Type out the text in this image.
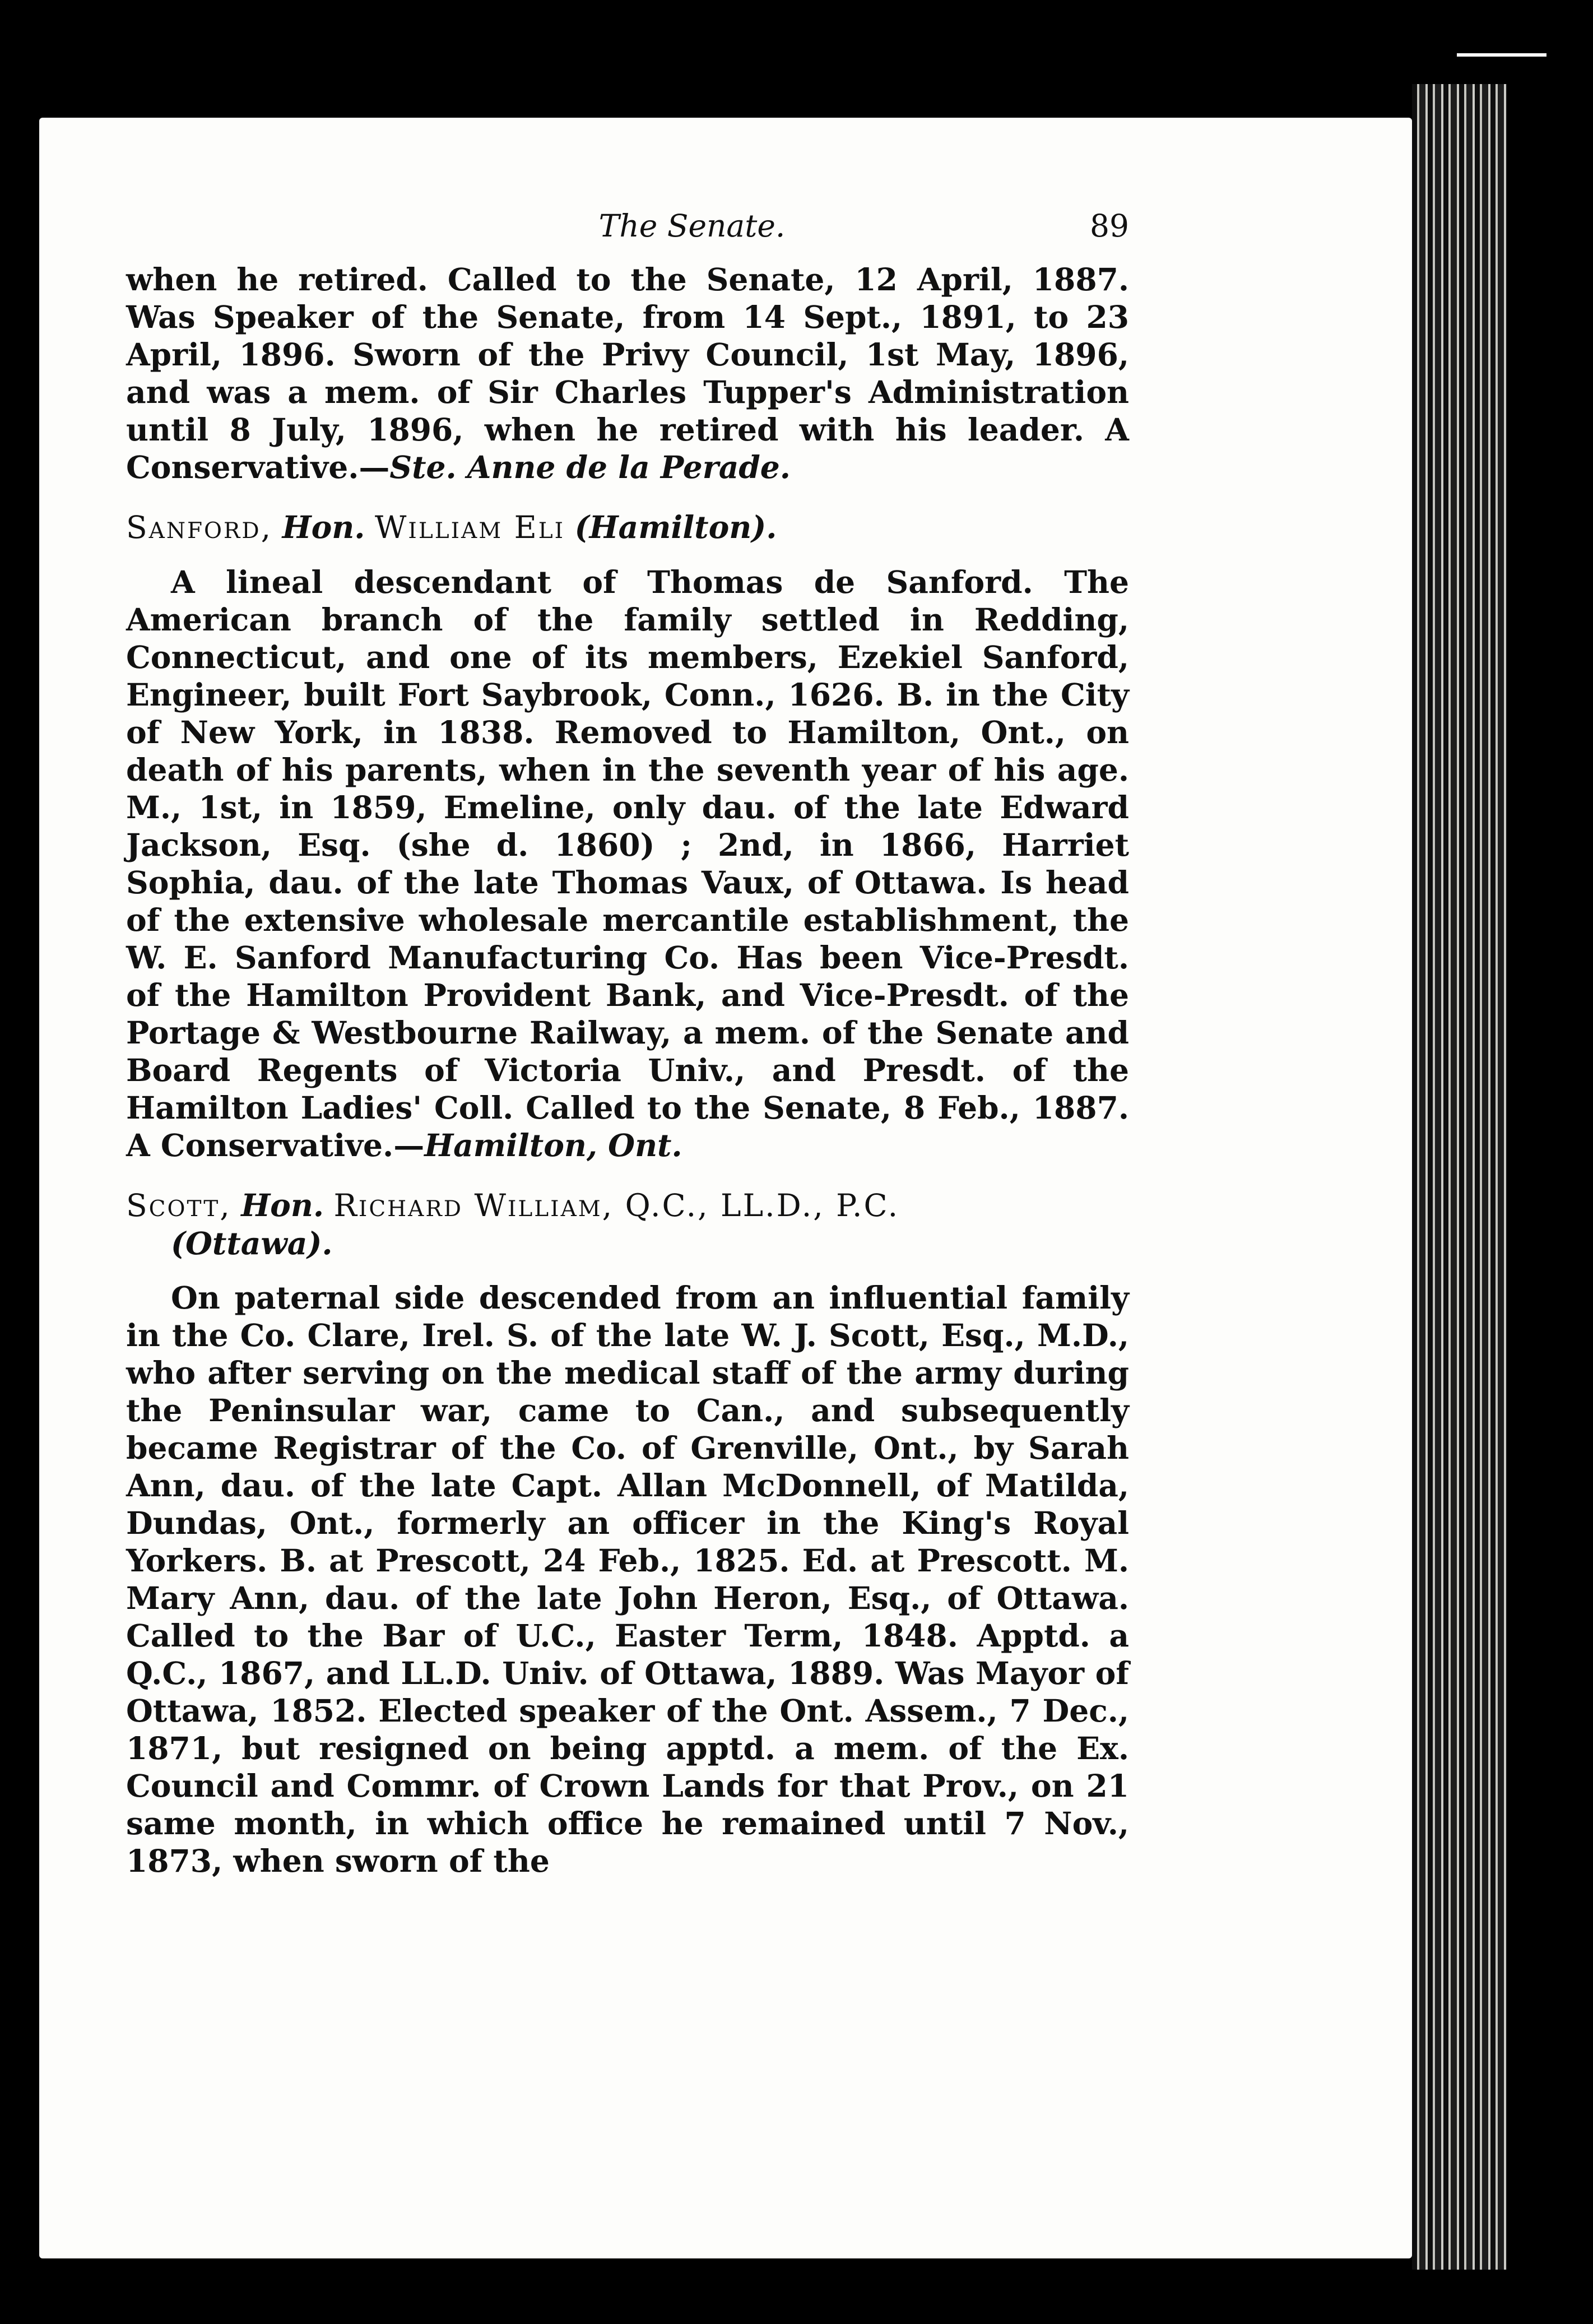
The Senate.	89

when he retired. Called to the Senate, 12 April, 1887. Was Speaker of the Senate, from 14 Sept., 1891, to 23 April, 1896. Sworn of the Privy Council, 1st May, 1896, and was a mem. of Sir Charles Tupper's Administration until 8 July, 1896, when he retired with his leader. A Conservative.—Ste. Anne de la Perade.

Sanford, Hon. William Eli (Hamilton).

A lineal descendant of Thomas de Sanford. The American branch of the family settled in Redding, Connecticut, and one of its members, Ezekiel Sanford, Engineer, built Fort Saybrook, Conn., 1626. B. in the City of New York, in 1838. Removed to Hamilton, Ont., on death of his parents, when in the seventh year of his age. M., 1st, in 1859, Emeline, only dau. of the late Edward Jackson, Esq. (she d. 1860) ; 2nd, in 1866, Harriet Sophia, dau. of the late Thomas Vaux, of Ottawa. Is head of the extensive wholesale mercantile establishment, the W. E. Sanford Manufacturing Co. Has been Vice-Presdt. of the Hamilton Provident Bank, and Vice-Presdt. of the Portage & Westbourne Railway, a mem. of the Senate and Board Regents of Victoria Univ., and Presdt. of the Hamilton Ladies' Coll. Called to the Senate, 8 Feb., 1887. A Conservative.—Hamilton, Ont.

Scott, Hon. Richard William, Q.C., LL.D., P.C.
(Ottawa).

On paternal side descended from an influential family in the Co. Clare, Irel. S. of the late W. J. Scott, Esq., M.D., who after serving on the medical staff of the army during the Peninsular war, came to Can., and subsequently became Registrar of the Co. of Grenville, Ont., by Sarah Ann, dau. of the late Capt. Allan McDonnell, of Matilda, Dundas, Ont., formerly an officer in the King's Royal Yorkers. B. at Prescott, 24 Feb., 1825. Ed. at Prescott. M. Mary Ann, dau. of the late John Heron, Esq., of Ottawa. Called to the Bar of U.C., Easter Term, 1848. Apptd. a Q.C., 1867, and LL.D. Univ. of Ottawa, 1889. Was Mayor of Ottawa, 1852. Elected speaker of the Ont. Assem., 7 Dec., 1871, but resigned on being apptd. a mem. of the Ex. Council and Commr. of Crown Lands for that Prov., on 21 same month, in which office he remained until 7 Nov., 1873, when sworn of the
